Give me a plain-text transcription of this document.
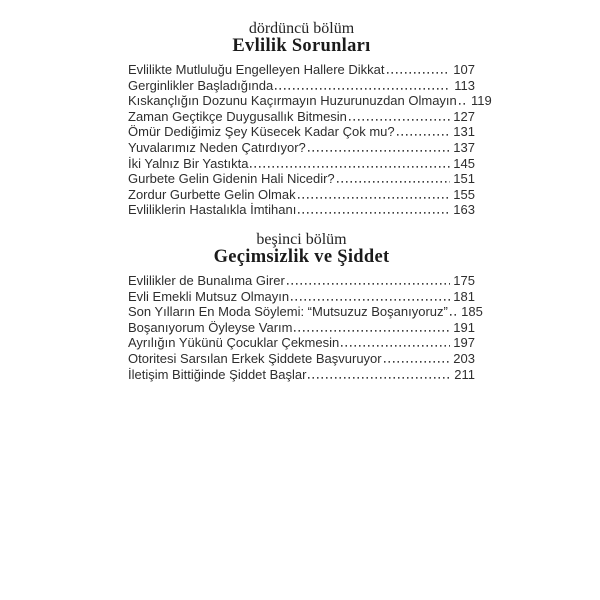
dördüncü bölüm
Evlilik Sorunları
Evlilikte Mutluluğu Engelleyen Hallere Dikkat	107
Gerginlikler Başladığında	113
Kıskançlığın Dozunu Kaçırmayın Huzurunuzdan Olmayın 119
Zaman Geçtikçe Duygusallık Bitmesin	127
Ömür Dediğimiz Şey Küsecek Kadar Çok mu?	131
Yuvalarımız Neden Çatırdıyor?	137
İki Yalnız Bir Yastıkta	145
Gurbete Gelin Gidenin Hali Nicedir?	151
Zordur Gurbette Gelin Olmak	155
Evliliklerin Hastalıkla İmtihanı	163
beşinci bölüm
Geçimsizlik ve Şiddet
Evlilikler de Bunalıma Girer	175
Evli Emekli Mutsuz Olmayın	181
Son Yılların En Moda Söylemi: “Mutsuzuz Boşanıyoruz” 185
Boşanıyorum Öyleyse Varım	191
Ayrılığın Yükünü Çocuklar Çekmesin	197
Otoritesi Sarsılan Erkek Şiddete Başvuruyor	203
İletişim Bittiğinde Şiddet Başlar	211
